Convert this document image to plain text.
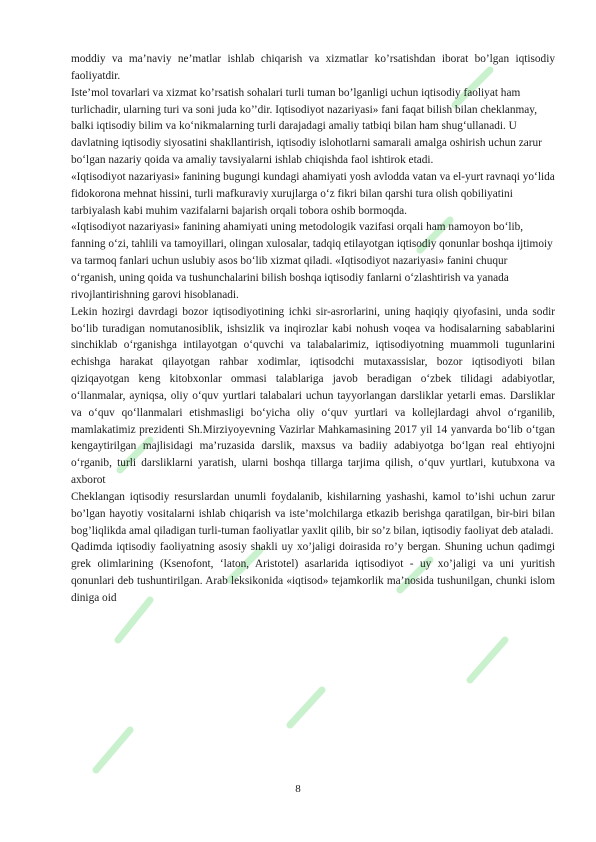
moddiy va ma’naviy ne’matlar ishlab chiqarish va xizmatlar ko’rsatishdan iborat bo’lgan iqtisodiy faoliyatdir.

Iste’mol tovarlari va xizmat ko’rsatish sohalari turli tuman bo’lganligi uchun iqtisodiy faoliyat ham turlichadir, ularning turi va soni juda ko’’dir. Iqtisodiyot nazariyasi» fani faqat bilish bilan cheklanmay, balki iqtisodiy bilim va ko‘nikmalarning turli darajadagi amaliy tatbiqi bilan ham shug‘ullanadi. U davlatning iqtisodiy siyosatini shakllantirish, iqtisodiy islohotlarni samarali amalga oshirish uchun zarur bo‘lgan nazariy qoida va amaliy tavsiyalarni ishlab chiqishda faol ishtirok etadi.

«Iqtisodiyot nazariyasi» fanining bugungi kundagi ahamiyati yosh avlodda vatan va el-yurt ravnaqi yo‘lida fidokorona mehnat hissini, turli mafkuraviy xurujlarga o‘z fikri bilan qarshi tura olish qobiliyatini tarbiyalash kabi muhim vazifalarni bajarish orqali tobora oshib bormoqda.

«Iqtisodiyot nazariyasi» fanining ahamiyati uning metodologik vazifasi orqali ham namoyon bo‘lib, fanning o‘zi, tahlili va tamoyillari, olingan xulosalar, tadqiq etilayotgan iqtisodiy qonunlar boshqa ijtimoiy va tarmoq fanlari uchun uslubiy asos bo‘lib xizmat qiladi. «Iqtisodiyot nazariyasi» fanini chuqur o‘rganish, uning qoida va tushunchalarini bilish boshqa iqtisodiy fanlarni o‘zlashtirish va yanada rivojlantirishning garovi hisoblanadi.

Lekin hozirgi davrdagi bozor iqtisodiyotining ichki sir-asrorlarini, uning haqiqiy qiyofasini, unda sodir bo‘lib turadigan nomutanosiblik, ishsizlik va inqirozlar kabi nohush voqea va hodisalarning sabablarini sinchiklab o‘rganishga intilayotgan o‘quvchi va talabalarimiz, iqtisodiyotning muammoli tugunlarini echishga harakat qilayotgan rahbar xodimlar, iqtisodchi mutaxassislar, bozor iqtisodiyoti bilan qiziqayotgan keng kitobxonlar ommasi talablariga javob beradigan o‘zbek tilidagi adabiyotlar, o‘llanmalar, ayniqsa, oliy o‘quv yurtlari talabalari uchun tayyorlangan darsliklar yetarli emas. Darsliklar va o‘quv qo‘llanmalari etishmasligi bo‘yicha oliy o‘quv yurtlari va kollejlardagi ahvol o‘rganilib, mamlakatimiz prezidenti Sh.Mirziyoyevning Vazirlar Mahkamasining 2017 yil 14 yanvarda bo‘lib o‘tgan kengaytirilgan majlisidagi ma’ruzasida darslik, maxsus va badiiy adabiyotga bo‘lgan real ehtiyojni o‘rganib, turli darsliklarni yaratish, ularni boshqa tillarga tarjima qilish, o‘quv yurtlari, kutubxona va axborot

Cheklangan iqtisodiy resurslardan unumli foydalanib, kishilarning yashashi, kamol to’ishi uchun zarur bo’lgan hayotiy vositalarni ishlab chiqarish va iste’molchilarga etkazib berishga qaratilgan, bir-biri bilan bog’liqlikda amal qiladigan turli-tuman faoliyatlar yaxlit qilib, bir so’z bilan, iqtisodiy faoliyat deb ataladi.

Qadimda iqtisodiy faoliyatning asosiy shakli uy xo’jaligi doirasida ro’y bergan. Shuning uchun qadimgi grek olimlarining (Ksenofont, ‘laton, Aristotel) asarlarida iqtisodiyot - uy xo’jaligi va uni yuritish qonunlari deb tushuntirilgan. Arab leksikonida «iqtisod» tejamkorlik ma’nosida tushunilgan, chunki islom diniga oid

8
